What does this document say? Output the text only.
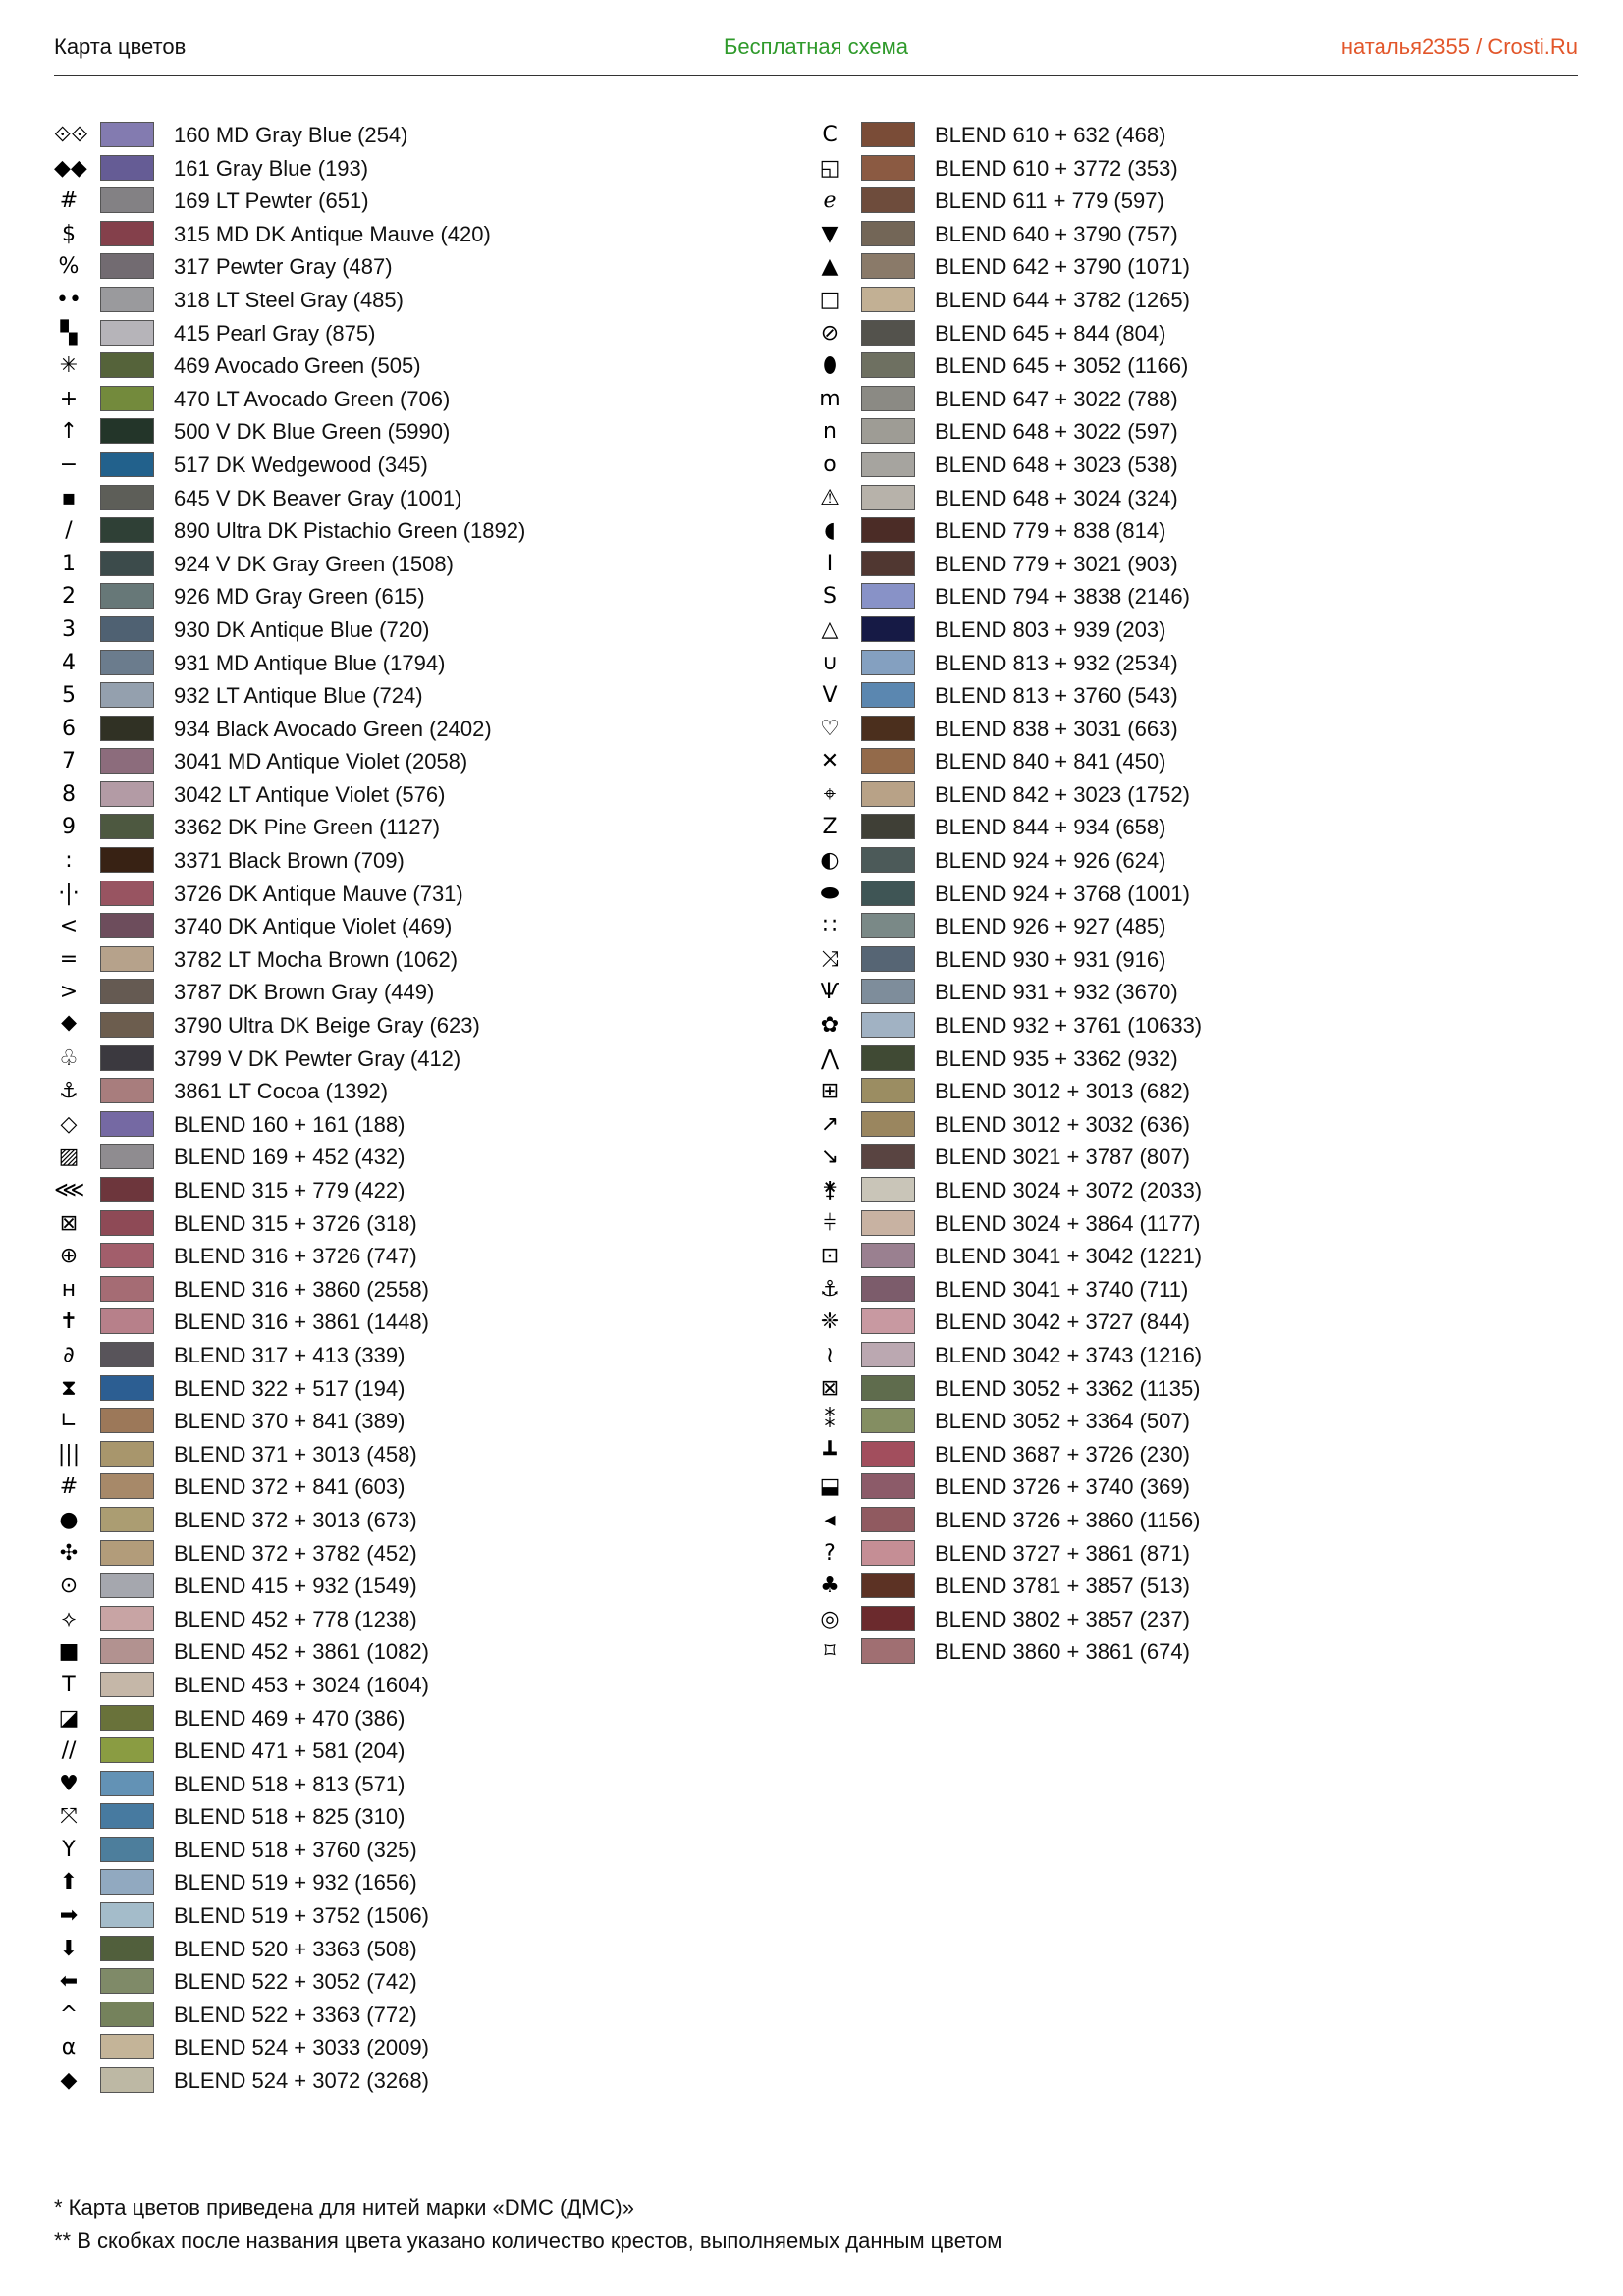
Карта цветов	Бесплатная схема	наталья2355 / Crosti.Ru
⟐⟐	160 MD Gray Blue (254)
◆◆	161 Gray Blue (193)
#	169 LT Pewter (651)
$	315 MD DK Antique Mauve (420)
%	317 Pewter Gray (487)
••	318 LT Steel Gray (485)
▚	415 Pearl Gray (875)
✳	469 Avocado Green (505)
+	470 LT Avocado Green (706)
↑	500 V DK Blue Green (5990)
−	517 DK Wedgewood (345)
▪	645 V DK Beaver Gray (1001)
/	890 Ultra DK Pistachio Green (1892)
1	924 V DK Gray Green (1508)
2	926 MD Gray Green (615)
3	930 DK Antique Blue (720)
4	931 MD Antique Blue (1794)
5	932 LT Antique Blue (724)
6	934 Black Avocado Green (2402)
7	3041 MD Antique Violet (2058)
8	3042 LT Antique Violet (576)
9	3362 DK Pine Green (1127)
:	3371 Black Brown (709)
·|·	3726 DK Antique Mauve (731)
<	3740 DK Antique Violet (469)
=	3782 LT Mocha Brown (1062)
>	3787 DK Brown Gray (449)
⯁	3790 Ultra DK Beige Gray (623)
♧	3799 V DK Pewter Gray (412)
⚓	3861 LT Cocoa (1392)
◇	BLEND 160 + 161 (188)
▨	BLEND 169 + 452 (432)
⋘	BLEND 315 + 779 (422)
⊠	BLEND 315 + 3726 (318)
⊕	BLEND 316 + 3726 (747)
ʜ	BLEND 316 + 3860 (2558)
✝	BLEND 316 + 3861 (1448)
∂	BLEND 317 + 413 (339)
⧗	BLEND 322 + 517 (194)
∟	BLEND 370 + 841 (389)
|||	BLEND 371 + 3013 (458)
#	BLEND 372 + 841 (603)
●	BLEND 372 + 3013 (673)
✣	BLEND 372 + 3782 (452)
⊙	BLEND 415 + 932 (1549)
⟡	BLEND 452 + 778 (1238)
■	BLEND 452 + 3861 (1082)
T	BLEND 453 + 3024 (1604)
◪	BLEND 469 + 470 (386)
//	BLEND 471 + 581 (204)
♥	BLEND 518 + 813 (571)
⤧	BLEND 518 + 825 (310)
Y	BLEND 518 + 3760 (325)
⬆	BLEND 519 + 932 (1656)
➡	BLEND 519 + 3752 (1506)
⬇	BLEND 520 + 3363 (508)
⬅	BLEND 522 + 3052 (742)
^	BLEND 522 + 3363 (772)
α	BLEND 524 + 3033 (2009)
◆	BLEND 524 + 3072 (3268)
C	BLEND 610 + 632 (468)
◱	BLEND 610 + 3772 (353)
ℯ	BLEND 611 + 779 (597)
▼	BLEND 640 + 3790 (757)
▲	BLEND 642 + 3790 (1071)
□	BLEND 644 + 3782 (1265)
⊘	BLEND 645 + 844 (804)
⬮	BLEND 645 + 3052 (1166)
m	BLEND 647 + 3022 (788)
n	BLEND 648 + 3022 (597)
o	BLEND 648 + 3023 (538)
⚠	BLEND 648 + 3024 (324)
◖	BLEND 779 + 838 (814)
I	BLEND 779 + 3021 (903)
S	BLEND 794 + 3838 (2146)
△	BLEND 803 + 939 (203)
∪	BLEND 813 + 932 (2534)
V	BLEND 813 + 3760 (543)
♡	BLEND 838 + 3031 (663)
✕	BLEND 840 + 841 (450)
⌖	BLEND 842 + 3023 (1752)
Z	BLEND 844 + 934 (658)
◐	BLEND 924 + 926 (624)
⬬	BLEND 924 + 3768 (1001)
∷	BLEND 926 + 927 (485)
⤨	BLEND 930 + 931 (916)
Ѱ	BLEND 931 + 932 (3670)
✿	BLEND 932 + 3761 (10633)
⋀	BLEND 935 + 3362 (932)
⊞	BLEND 3012 + 3013 (682)
↗	BLEND 3012 + 3032 (636)
↘	BLEND 3021 + 3787 (807)
⚵	BLEND 3024 + 3072 (2033)
⫩	BLEND 3024 + 3864 (1177)
⊡	BLEND 3041 + 3042 (1221)
⚓	BLEND 3041 + 3740 (711)
❈	BLEND 3042 + 3727 (844)
≀	BLEND 3042 + 3743 (1216)
⊠	BLEND 3052 + 3362 (1135)
⁑	BLEND 3052 + 3364 (507)
┻	BLEND 3687 + 3726 (230)
⬓	BLEND 3726 + 3740 (369)
◂	BLEND 3726 + 3860 (1156)
?	BLEND 3727 + 3861 (871)
♣	BLEND 3781 + 3857 (513)
◎	BLEND 3802 + 3857 (237)
⌑	BLEND 3860 + 3861 (674)
* Карта цветов приведена для нитей марки «DMC (ДМС)»
** В скобках после названия цвета указано количество крестов, выполняемых данным цветом
